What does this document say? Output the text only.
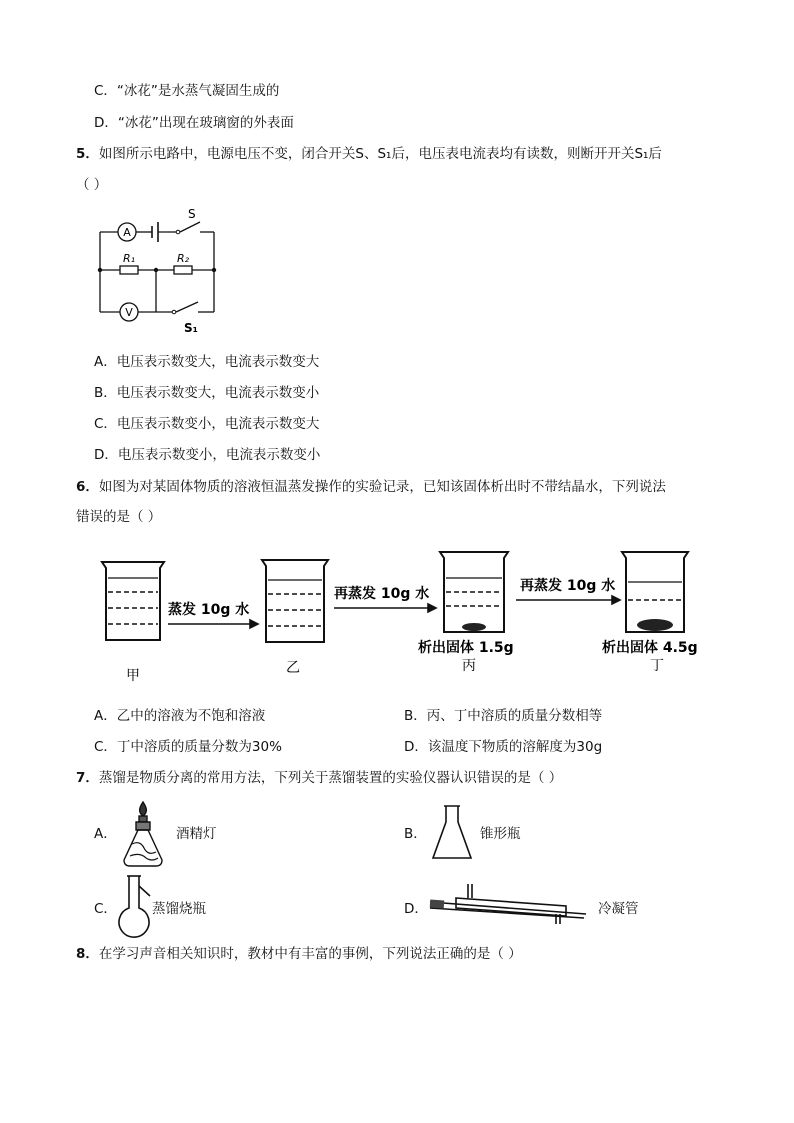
C．“冰花”是水蒸气凝固生成的
D．“冰花”出现在玻璃窗的外表面
5．如图所示电路中，电源电压不变，闭合开关S、S₁后，电压表电流表均有读数，则断开开关S₁后
（ ）
A
V
S
R₁	R₂
S₁
A．电压表示数变大，电流表示数变大
B．电压表示数变大，电流表示数变小
C．电压表示数变小，电流表示数变大
D．电压表示数变小，电流表示数变小
6．如图为对某固体物质的溶液恒温蒸发操作的实验记录，已知该固体析出时不带结晶水，下列说法
错误的是（ ）
蒸发 10g 水
再蒸发 10g 水	再蒸发 10g 水
析出固体 1.5g	析出固体 4.5g
甲	乙	丙	丁
A．乙中的溶液为不饱和溶液	B．丙、丁中溶质的质量分数相等
C．丁中溶质的质量分数为30%	D．该温度下物质的溶解度为30g
7．蒸馏是物质分离的常用方法，下列关于蒸馏装置的实验仪器认识错误的是（ ）
A．	酒精灯	B．	锥形瓶
C．	蒸馏烧瓶	D．	冷凝管
8．在学习声音相关知识时，教材中有丰富的事例，下列说法正确的是（ ）
